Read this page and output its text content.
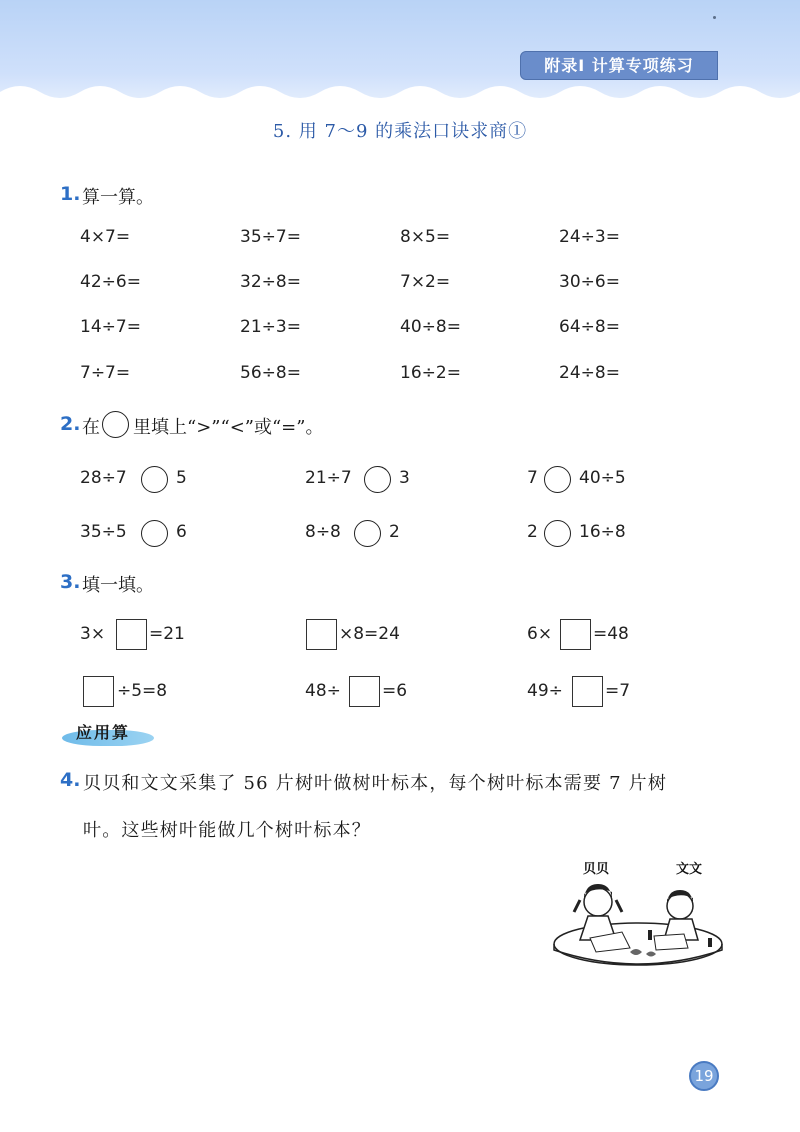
附录Ⅰ 计算专项练习
5. 用 7～9 的乘法口诀求商①
1. 算一算。
4×7=	35÷7=	8×5=	24÷3=
42÷6=	32÷8=	7×2=	30÷6=
14÷7=	21÷3=	40÷8=	64÷8=
7÷7=	56÷8=	16÷2=	24÷8=
2. 在 里填上“>”“<”或“=”。
28÷7	5	21÷7	3	7 40÷5
35÷5	6	8÷8	2	2 16÷8
3. 填一填。
3×	=21	×8=24	6× =48
÷5=8	48÷ =6	49÷ =7
应用算
4. 贝贝和文文采集了 56 片树叶做树叶标本，每个树叶标本需要 7 片树
叶。这些树叶能做几个树叶标本？
贝贝	文文
19
